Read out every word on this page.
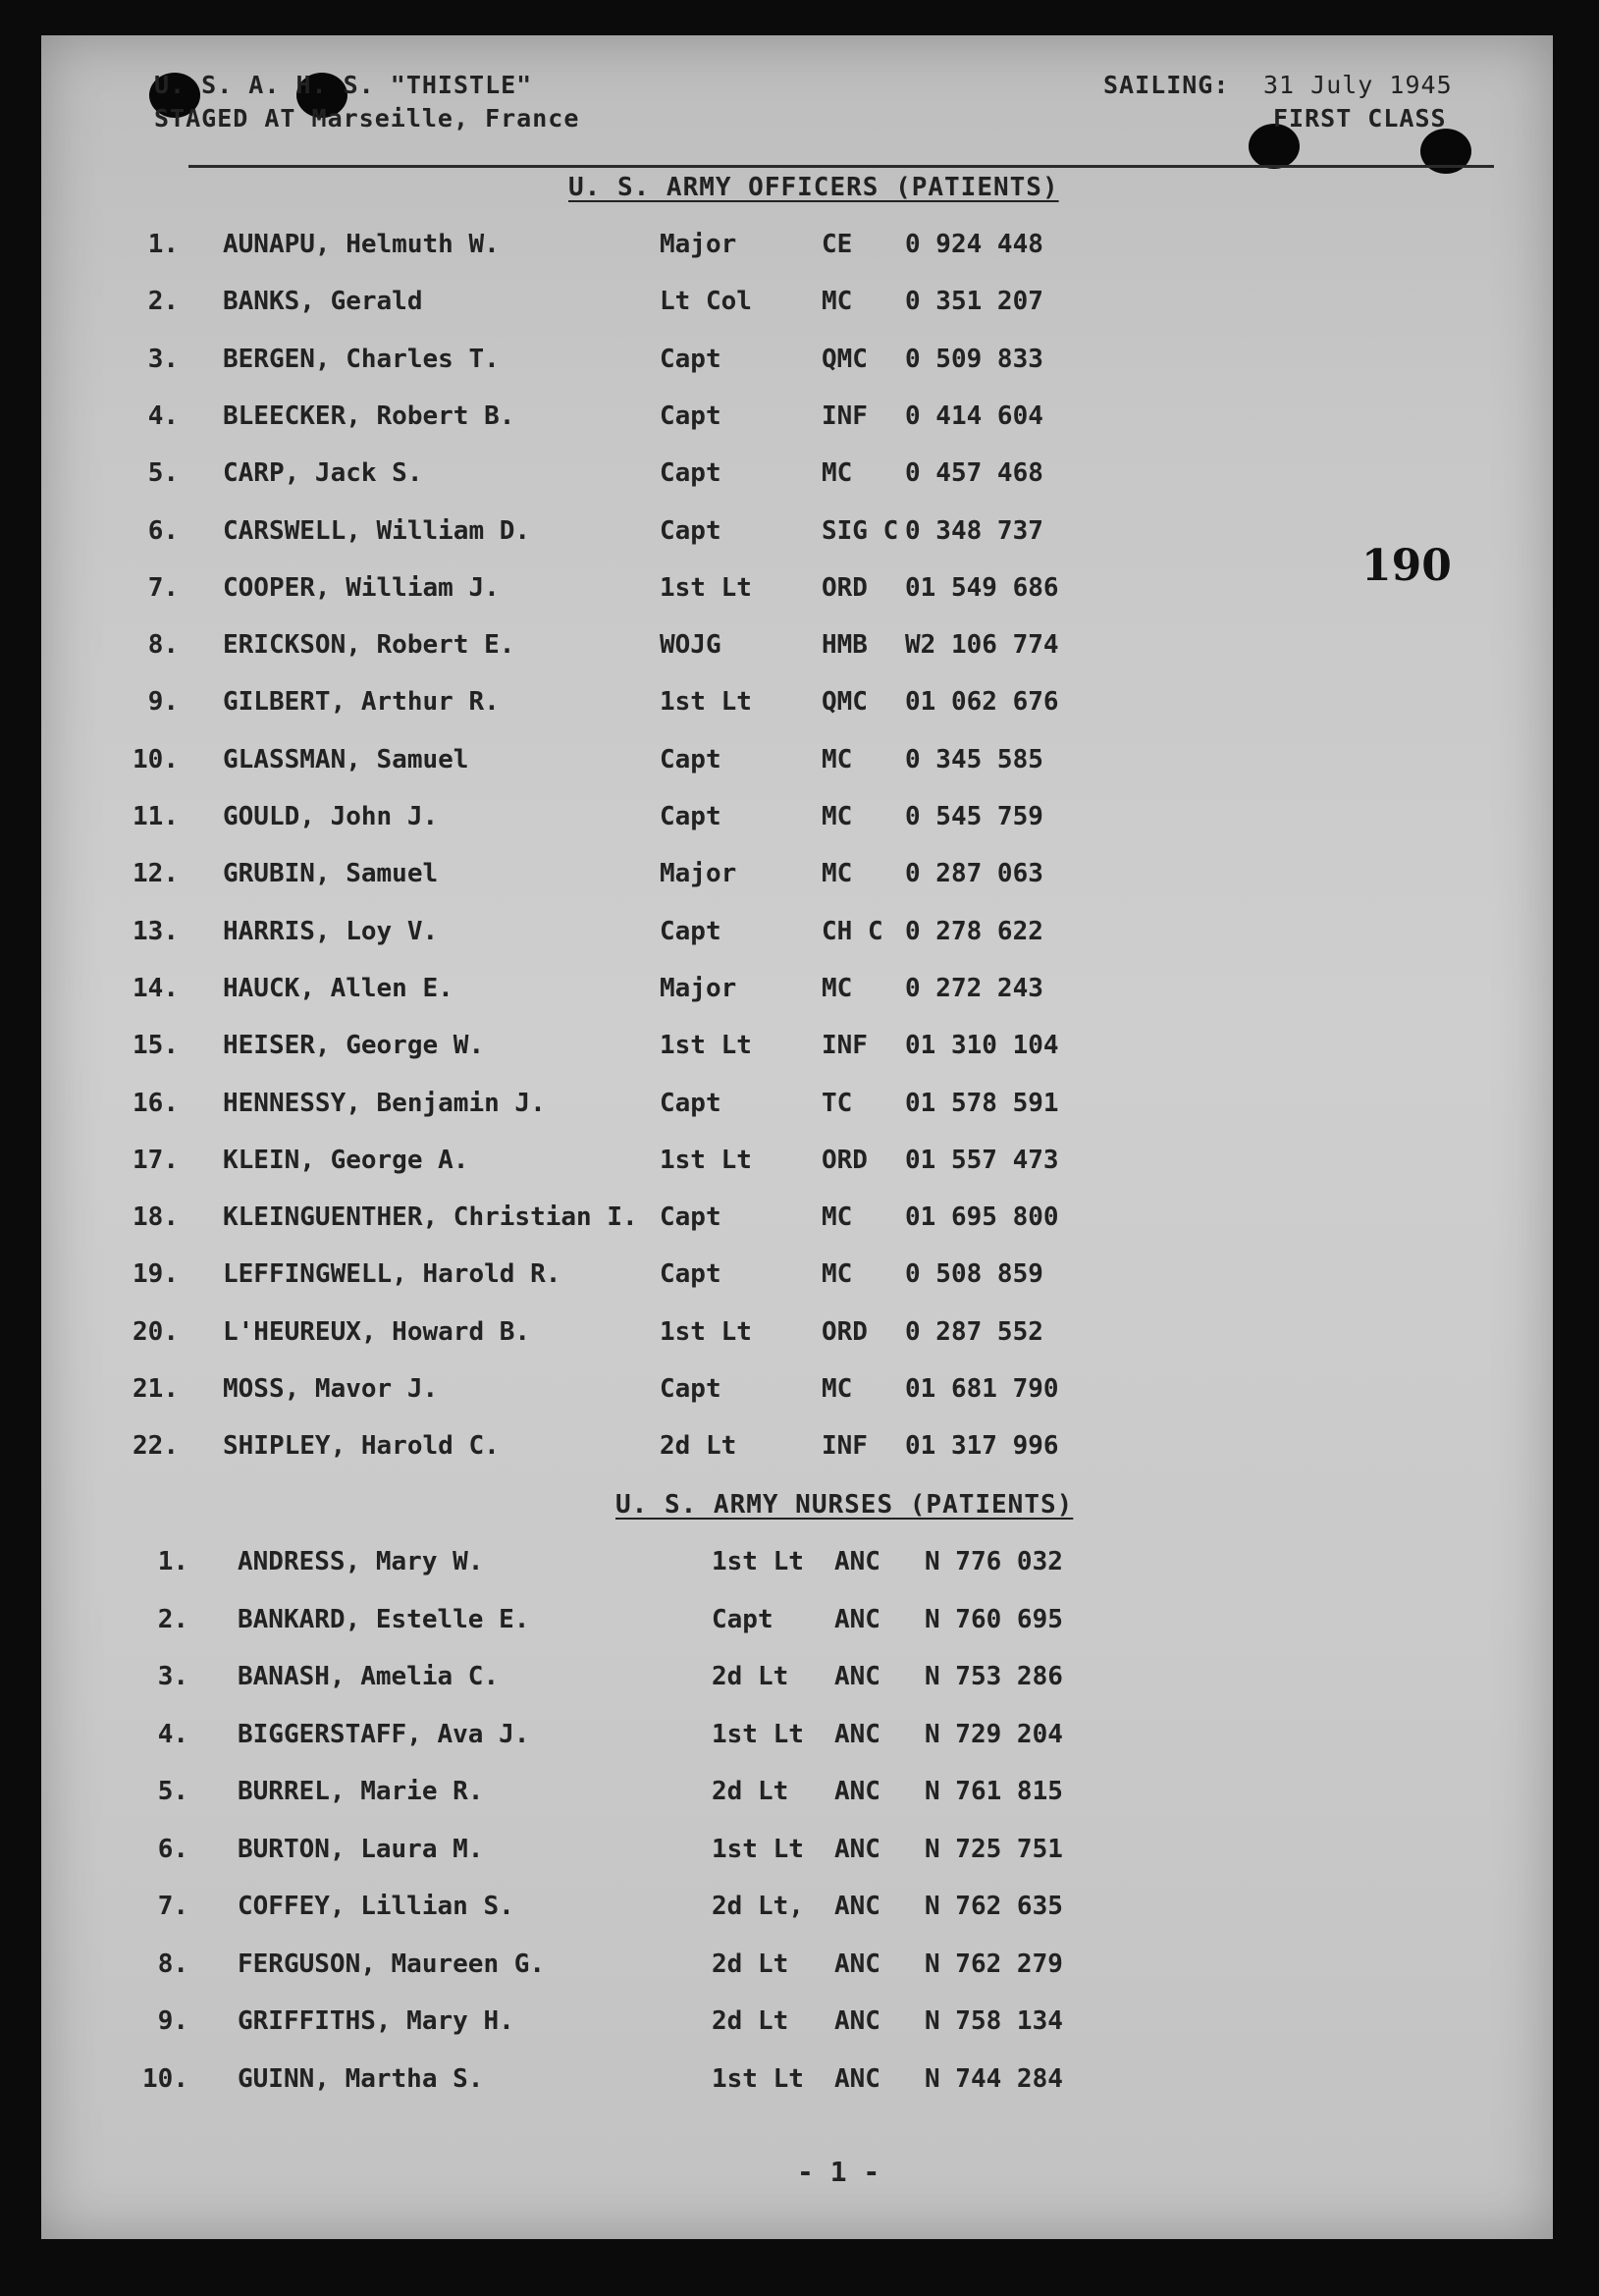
U. S. A. H. S. "THISTLE"
STAGED AT Marseille, France
SAILING: 31 July 1945
FIRST CLASS
U. S. ARMY OFFICERS (PATIENTS)
1. AUNAPU, Helmuth W.	Major	CE 0 924 448
2. BANKS, Gerald	Lt Col	MC 0 351 207
3. BERGEN, Charles T.	Capt	QMC 0 509 833
4. BLEECKER, Robert B.	Capt	INF 0 414 604
5. CARP, Jack S.	Capt	MC 0 457 468
6. CARSWELL, William D.	Capt	SIG C 0 348 737
7. COOPER, William J.	1st Lt	ORD 01 549 686
8. ERICKSON, Robert E.	WOJG	HMB W2 106 774
9. GILBERT, Arthur R.	1st Lt	QMC 01 062 676
10. GLASSMAN, Samuel	Capt	MC 0 345 585
11. GOULD, John J.	Capt	MC 0 545 759
12. GRUBIN, Samuel	Major	MC 0 287 063
13. HARRIS, Loy V.	Capt	CH C 0 278 622
14. HAUCK, Allen E.	Major	MC 0 272 243
15. HEISER, George W.	1st Lt	INF 01 310 104
16. HENNESSY, Benjamin J.	Capt	TC 01 578 591
17. KLEIN, George A.	1st Lt	ORD 01 557 473
18. KLEINGUENTHER, Christian I. Capt	MC 01 695 800
19. LEFFINGWELL, Harold R.	Capt	MC 0 508 859
20. L'HEUREUX, Howard B.	1st Lt	ORD 0 287 552
21. MOSS, Mavor J.	Capt	MC 01 681 790
22. SHIPLEY, Harold C.	2d Lt	INF 01 317 996
U. S. ARMY NURSES (PATIENTS)
1. ANDRESS, Mary W.	1st Lt ANC N 776 032
2. BANKARD, Estelle E.	Capt ANC N 760 695
3. BANASH, Amelia C.	2d Lt ANC N 753 286
4. BIGGERSTAFF, Ava J.	1st Lt ANC N 729 204
5. BURREL, Marie R.	2d Lt ANC N 761 815
6. BURTON, Laura M.	1st Lt ANC N 725 751
7. COFFEY, Lillian S.	2d Lt, ANC N 762 635
8. FERGUSON, Maureen G.	2d Lt ANC N 762 279
9. GRIFFITHS, Mary H.	2d Lt ANC N 758 134
10. GUINN, Martha S.	1st Lt ANC N 744 284
190
- 1 -
